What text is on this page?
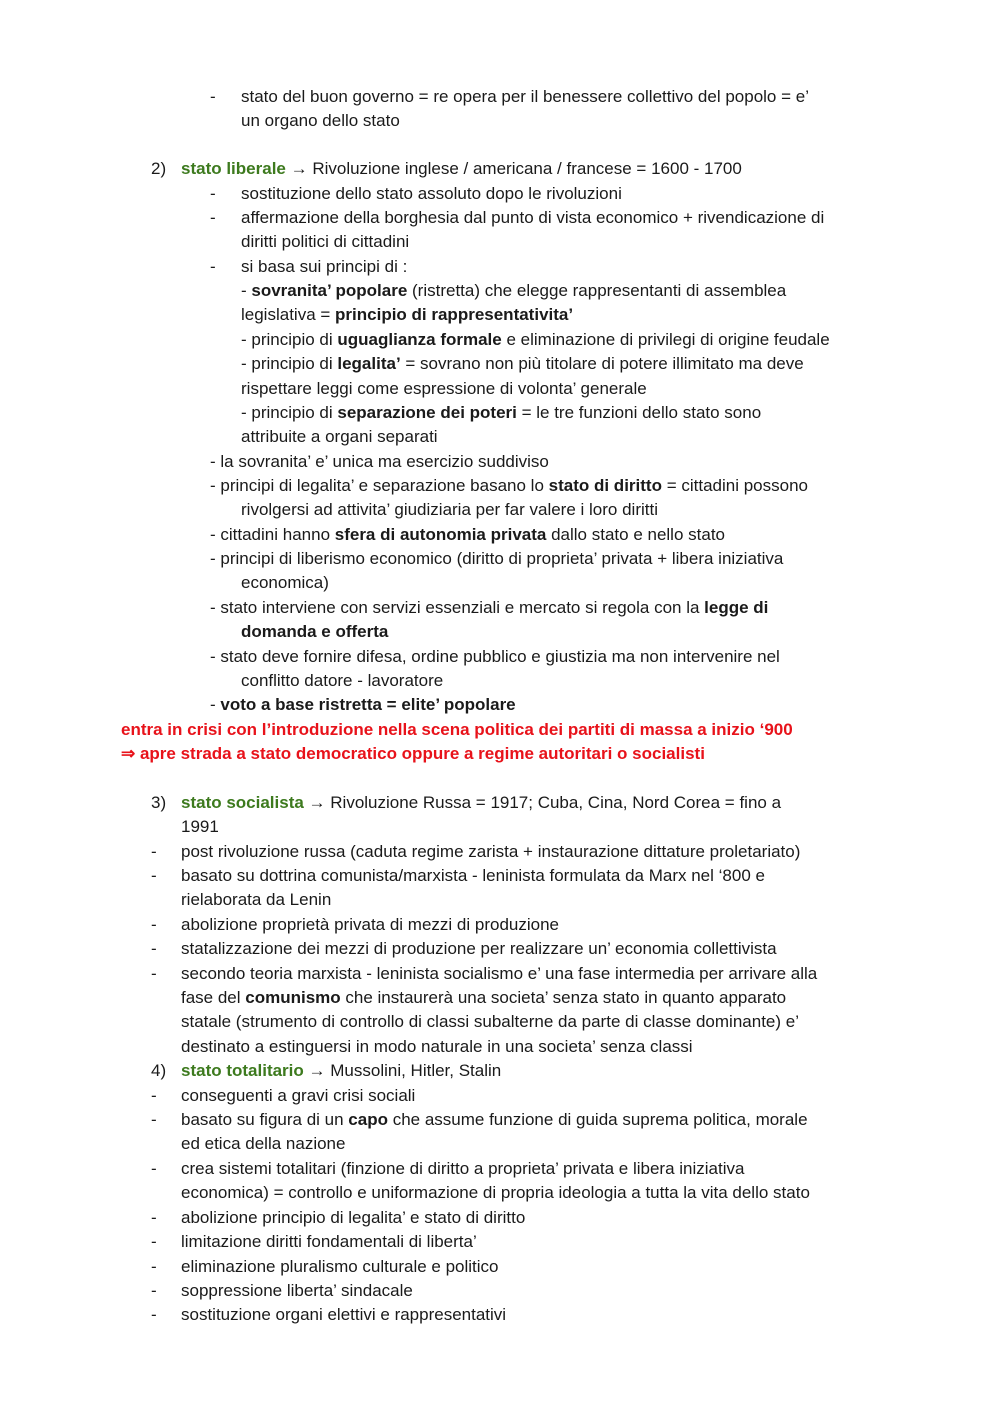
- stato del buon governo = re opera per il benessere collettivo del popolo = e’
un organo dello stato
2) stato liberale → Rivoluzione inglese / americana / francese = 1600 - 1700
- sostituzione dello stato assoluto dopo le rivoluzioni
- affermazione della borghesia dal punto di vista economico + rivendicazione di
diritti politici di cittadini
- si basa sui principi di :
- sovranita’ popolare (ristretta) che elegge rappresentanti di assemblea
legislativa = principio di rappresentativita’
- principio di uguaglianza formale e eliminazione di privilegi di origine feudale
- principio di legalita’ = sovrano non più titolare di potere illimitato ma deve
rispettare leggi come espressione di volonta’ generale
- principio di separazione dei poteri = le tre funzioni dello stato sono
attribuite a organi separati
- la sovranita’ e’ unica ma esercizio suddiviso
- principi di legalita’ e separazione basano lo stato di diritto = cittadini possono
rivolgersi ad attivita’ giudiziaria per far valere i loro diritti
- cittadini hanno sfera di autonomia privata dallo stato e nello stato
- principi di liberismo economico (diritto di proprieta’ privata + libera iniziativa
economica)
- stato interviene con servizi essenziali e mercato si regola con la legge di
domanda e offerta
- stato deve fornire difesa, ordine pubblico e giustizia ma non intervenire nel
conflitto datore - lavoratore
- voto a base ristretta = elite’ popolare
entra in crisi con l’introduzione nella scena politica dei partiti di massa a inizio ‘900
⇒ apre strada a stato democratico oppure a regime autoritari o socialisti
3) stato socialista → Rivoluzione Russa = 1917; Cuba, Cina, Nord Corea = fino a
1991
- post rivoluzione russa (caduta regime zarista + instaurazione dittature proletariato)
- basato su dottrina comunista/marxista - leninista formulata da Marx nel ‘800 e
rielaborata da Lenin
- abolizione proprietà privata di mezzi di produzione
- statalizzazione dei mezzi di produzione per realizzare un’ economia collettivista
- secondo teoria marxista - leninista socialismo e’ una fase intermedia per arrivare alla
fase del comunismo che instaurerà una societa’ senza stato in quanto apparato
statale (strumento di controllo di classi subalterne da parte di classe dominante) e’
destinato a estinguersi in modo naturale in una societa’ senza classi
4) stato totalitario → Mussolini, Hitler, Stalin
- conseguenti a gravi crisi sociali
- basato su figura di un capo che assume funzione di guida suprema politica, morale
ed etica della nazione
- crea sistemi totalitari (finzione di diritto a proprieta’ privata e libera iniziativa
economica) = controllo e uniformazione di propria ideologia a tutta la vita dello stato
- abolizione principio di legalita’ e stato di diritto
- limitazione diritti fondamentali di liberta’
- eliminazione pluralismo culturale e politico
- soppressione liberta’ sindacale
- sostituzione organi elettivi e rappresentativi
